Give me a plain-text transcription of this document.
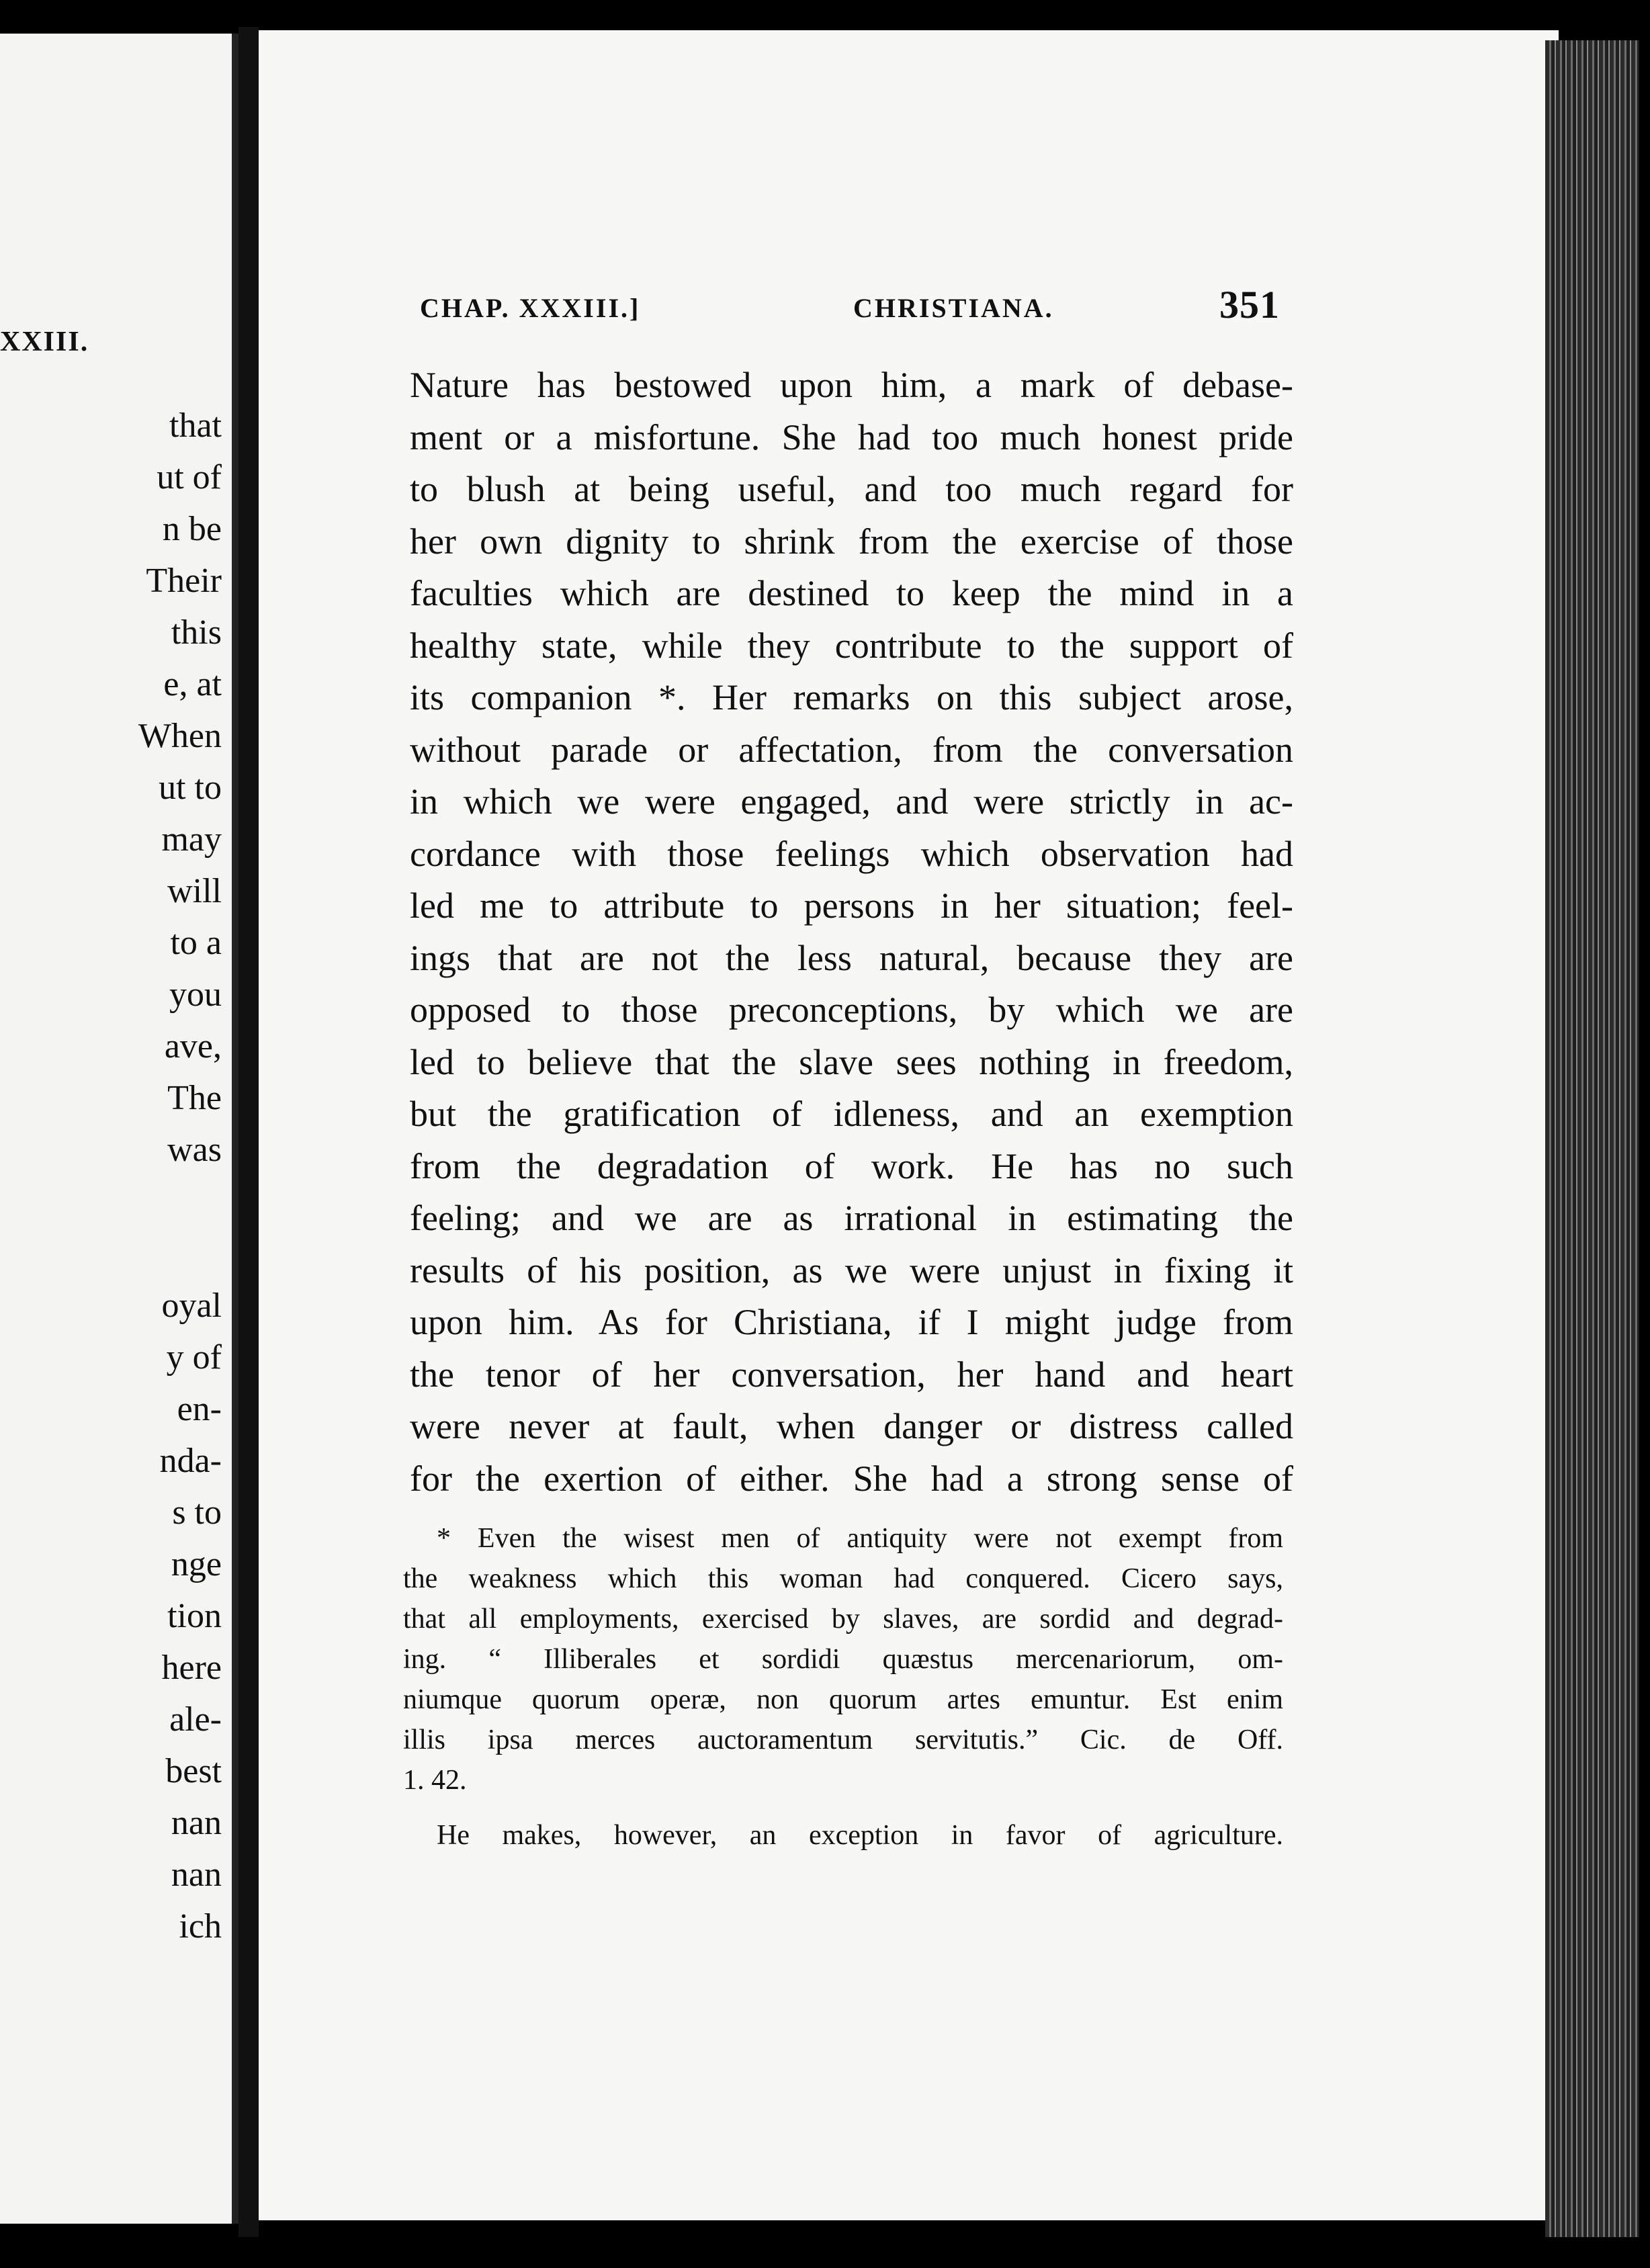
XXIII.
that
ut of
n be
Their
this
e, at
When
ut to
may
will
to a
you
ave,
The
was
oyal
y of
en-
nda-
s to
nge
tion
here
ale-
best
nan
nan
ich
CHAP. XXXIII.]	CHRISTIANA.	351
Nature has bestowed upon him, a mark of debase-
ment or a misfortune. She had too much honest pride
to blush at being useful, and too much regard for
her own dignity to shrink from the exercise of those
faculties which are destined to keep the mind in a
healthy state, while they contribute to the support of
its companion *. Her remarks on this subject arose,
without parade or affectation, from the conversation
in which we were engaged, and were strictly in ac-
cordance with those feelings which observation had
led me to attribute to persons in her situation; feel-
ings that are not the less natural, because they are
opposed to those preconceptions, by which we are
led to believe that the slave sees nothing in freedom,
but the gratification of idleness, and an exemption
from the degradation of work. He has no such
feeling; and we are as irrational in estimating the
results of his position, as we were unjust in fixing it
upon him. As for Christiana, if I might judge from
the tenor of her conversation, her hand and heart
were never at fault, when danger or distress called
for the exertion of either. She had a strong sense of
* Even the wisest men of antiquity were not exempt from
the weakness which this woman had conquered. Cicero says,
that all employments, exercised by slaves, are sordid and degrad-
ing. “ Illiberales et sordidi quæstus mercenariorum, om-
niumque quorum operæ, non quorum artes emuntur. Est enim
illis ipsa merces auctoramentum servitutis.” Cic. de Off.
1. 42.
He makes, however, an exception in favor of agriculture.
